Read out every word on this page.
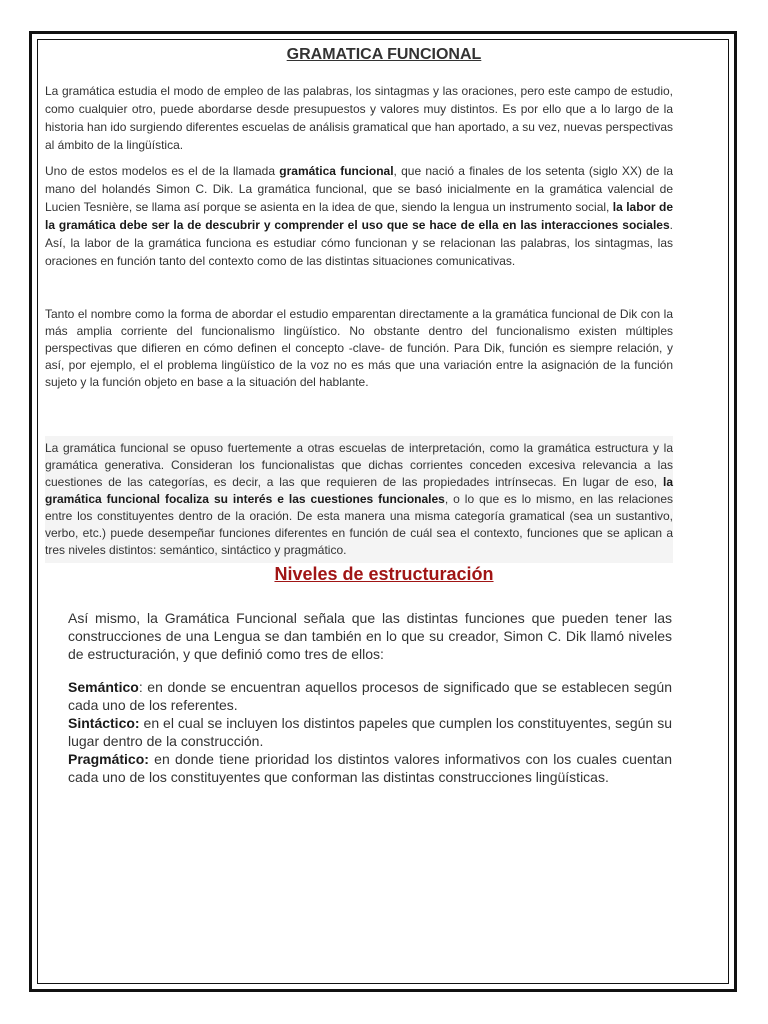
GRAMATICA FUNCIONAL

La gramática estudia el modo de empleo de las palabras, los sintagmas y las oraciones, pero este campo de estudio, como cualquier otro, puede abordarse desde presupuestos y valores muy distintos. Es por ello que a lo largo de la historia han ido surgiendo diferentes escuelas de análisis gramatical que han aportado, a su vez, nuevas perspectivas al ámbito de la lingüística.

Uno de estos modelos es el de la llamada gramática funcional, que nació a finales de los setenta (siglo XX) de la mano del holandés Simon C. Dik. La gramática funcional, que se basó inicialmente en la gramática valencial de Lucien Tesnière, se llama así porque se asienta en la idea de que, siendo la lengua un instrumento social, la labor de la gramática debe ser la de descubrir y comprender el uso que se hace de ella en las interacciones sociales. Así, la labor de la gramática funciona es estudiar cómo funcionan y se relacionan las palabras, los sintagmas, las oraciones en función tanto del contexto como de las distintas situaciones comunicativas.

Tanto el nombre como la forma de abordar el estudio emparentan directamente a la gramática funcional de Dik con la más amplia corriente del funcionalismo lingüístico. No obstante dentro del funcionalismo existen múltiples perspectivas que difieren en cómo definen el concepto -clave- de función. Para Dik, función es siempre relación, y así, por ejemplo, el el problema lingüístico de la voz no es más que una variación entre la asignación de la función sujeto y la función objeto en base a la situación del hablante.

La gramática funcional se opuso fuertemente a otras escuelas de interpretación, como la gramática estructura y la gramática generativa. Consideran los funcionalistas que dichas corrientes conceden excesiva relevancia a las cuestiones de las categorías, es decir, a las que requieren de las propiedades intrínsecas. En lugar de eso, la gramática funcional focaliza su interés e las cuestiones funcionales, o lo que es lo mismo, en las relaciones entre los constituyentes dentro de la oración. De esta manera una misma categoría gramatical (sea un sustantivo, verbo, etc.) puede desempeñar funciones diferentes en función de cuál sea el contexto, funciones que se aplican a tres niveles distintos: semántico, sintáctico y pragmático.

Niveles de estructuración

Así mismo, la Gramática Funcional señala que las distintas funciones que pueden tener las construcciones de una Lengua se dan también en lo que su creador, Simon C. Dik llamó niveles de estructuración, y que definió como tres de ellos:

Semántico: en donde se encuentran aquellos procesos de significado que se establecen según cada uno de los referentes.

Sintáctico: en el cual se incluyen los distintos papeles que cumplen los constituyentes, según su lugar dentro de la construcción.

Pragmático: en donde tiene prioridad los distintos valores informativos con los cuales cuentan cada uno de los constituyentes que conforman las distintas construcciones lingüísticas.
